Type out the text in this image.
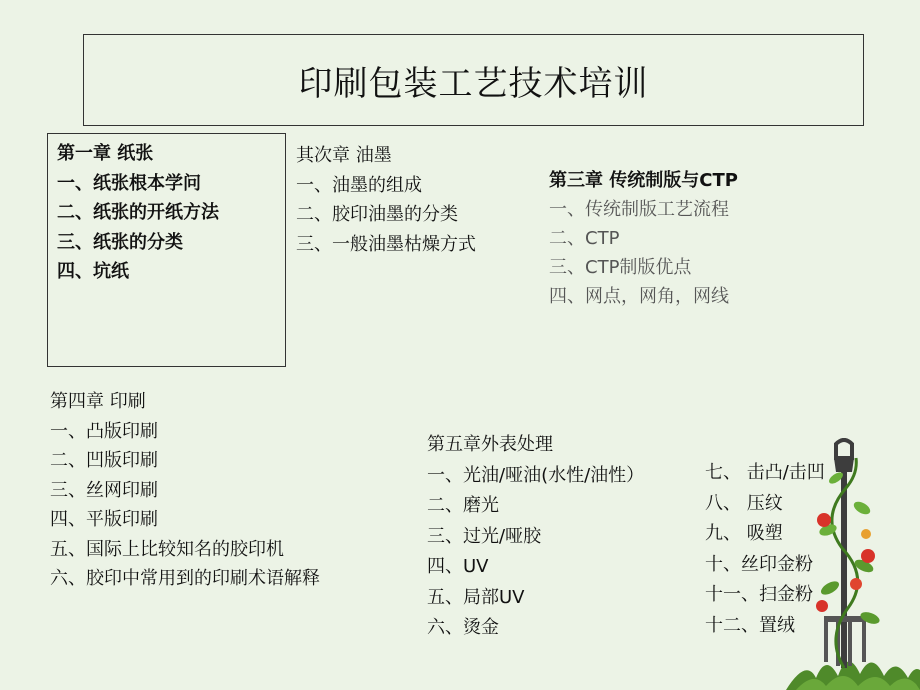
印刷包装工艺技术培训
第一章 纸张
一、纸张根本学问
二、纸张的开纸方法
三、纸张的分类
四、坑纸
其次章 油墨
一、油墨的组成
二、胶印油墨的分类
三、一般油墨枯燥方式
第三章 传统制版与CTP
一、传统制版工艺流程
二、CTP
三、CTP制版优点
四、网点，网角，网线
第四章 印刷
一、凸版印刷
二、凹版印刷
三、丝网印刷
四、平版印刷
五、国际上比较知名的胶印机
六、胶印中常用到的印刷术语解释
第五章外表处理
一、光油/哑油(水性/油性）
二、磨光
三、过光/哑胶
四、UV
五、局部UV
六、烫金
七、 击凸/击凹
八、 压纹
九、 吸塑
十、丝印金粉
十一、扫金粉
十二、置绒
